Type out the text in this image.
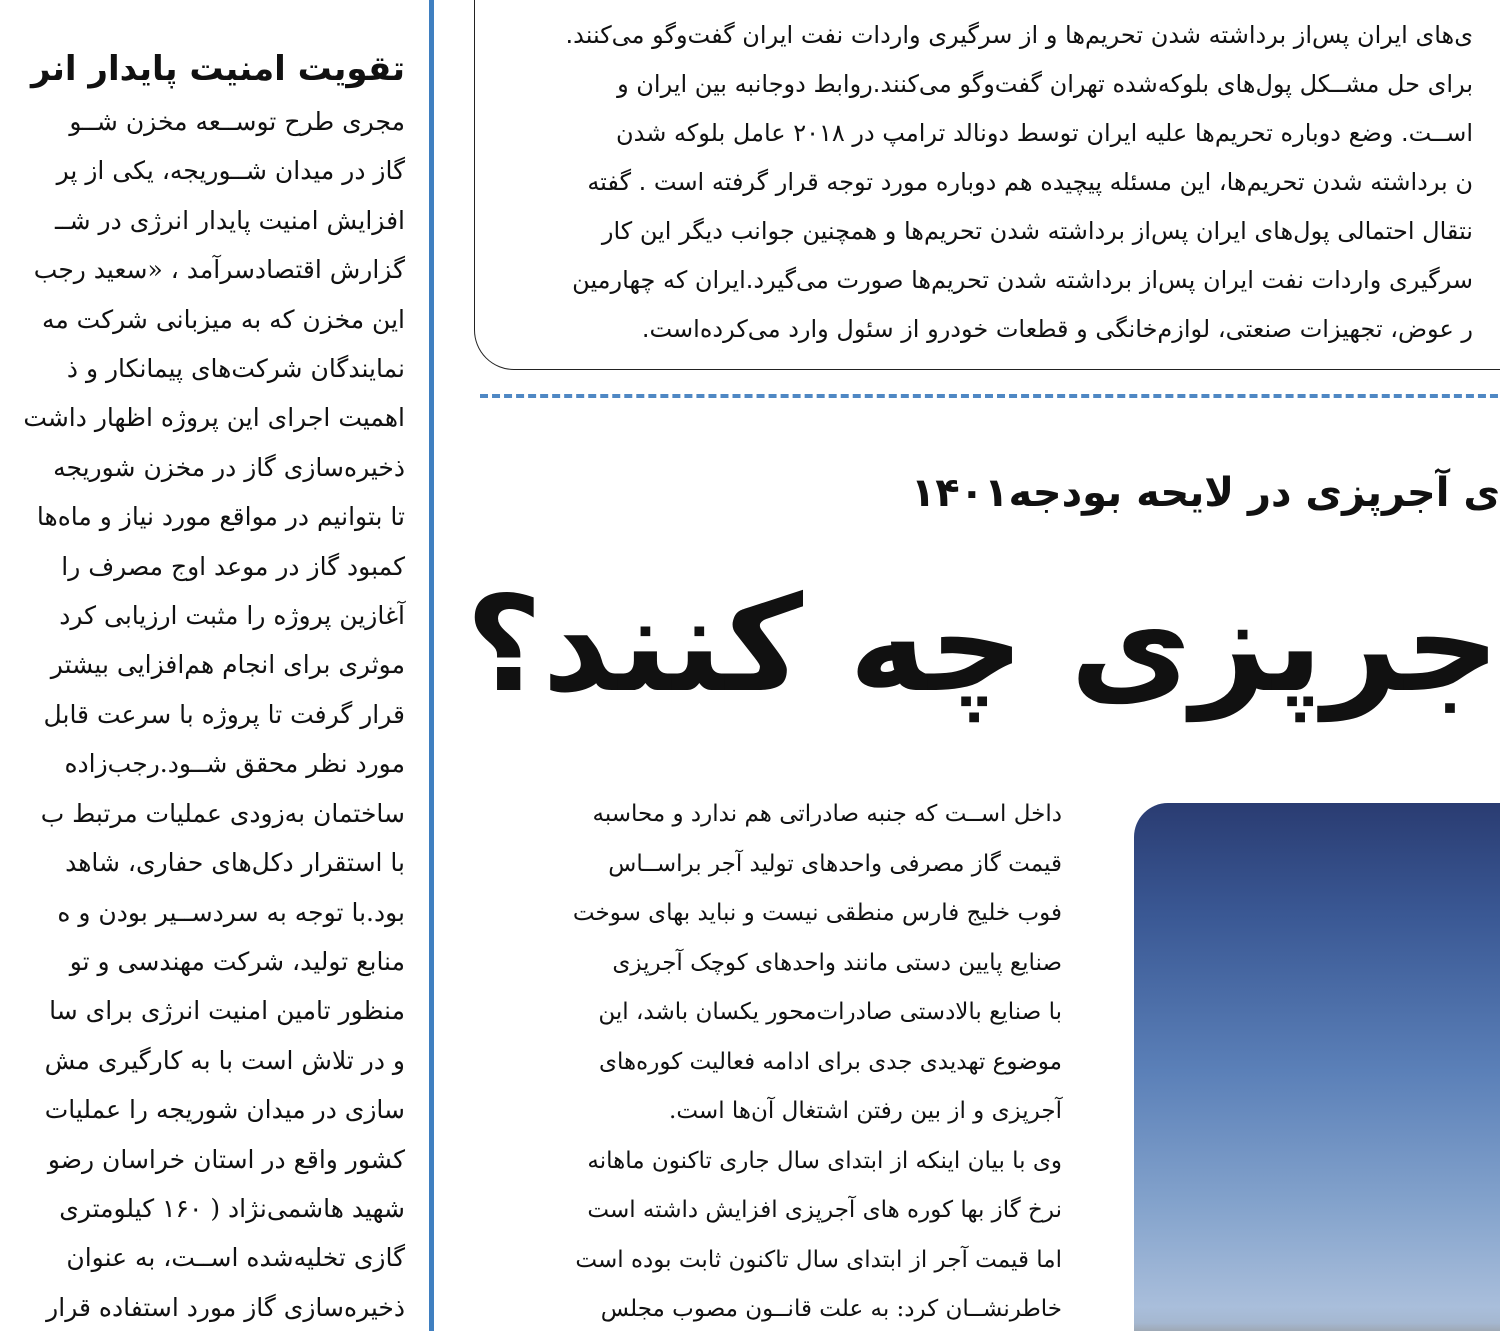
تقویت امنیت پایدار انر
مجری طرح توســعه مخزن شــو
گاز در میدان شــوریجه، یکی از پر
افزایش امنیت پایدار انرژی در شــ
گزارش اقتصادسرآمد ، «سعید رجب
این مخزن که به میزبانی شرکت مه
نمایندگان شرکت‌های پیمانکار و ذ
اهمیت اجرای این پروژه اظهار داشت
ذخیره‌سازی گاز در مخزن شوریجه
تا بتوانیم در مواقع مورد نیاز و ماه‌ها
کمبود گاز در موعد اوج مصرف را
آغازین پروژه را مثبت ارزیابی کرد
موثری برای انجام هم‌افزایی بیشتر
قرار گرفت تا پروژه با سرعت قابل
مورد نظر محقق شــود.رجب‌زاده
ساختمان به‌زودی عملیات مرتبط ب
با استقرار دکل‌های حفاری، شاهد
بود.با توجه به سردســیر بودن و ه
منابع تولید، شرکت مهندسی و تو
منظور تامین امنیت انرژی برای سا
و در تلاش است با به کارگیری مش
سازی در میدان شوریجه را عملیات
کشور واقع در استان خراسان رضو
شهید هاشمی‌نژاد ( ۱۶۰ کیلومتری
گازی تخلیه‌شده اســت، به عنوان
ذخیره‌سازی گاز مورد استفاده قرار
ی‌های ایران پس‌از برداشته شدن تحریم‌ها و از سرگیری واردات نفت ایران گفت‌وگو می‌کنند.
برای حل مشــکل پول‌های بلوکه‌شده تهران گفت‌وگو می‌کنند.روابط دوجانبه بین ایران و
اســت. وضع دوباره تحریم‌ها علیه ایران توسط دونالد ترامپ در ۲۰۱۸ عامل بلوکه شدن
ن برداشته شدن تحریم‌ها، این مسئله پیچیده هم دوباره مورد توجه قرار گرفته است . گفته
نتقال احتمالی پول‌های ایران پس‌از برداشته شدن تحریم‌ها و همچنین جوانب دیگر این کار
سرگیری واردات نفت ایران پس‌از برداشته شدن تحریم‌ها صورت می‌گیرد.ایران که چهارمین
ر عوض، تجهیزات صنعتی، لوازم‌خانگی و قطعات خودرو از سئول وارد می‌کرده‌است.
ی آجرپزی در لایحه بودجه۱۴۰۱
جرپزی چه کنند؟
داخل اســت که جنبه صادراتی هم ندارد و محاسبه
قیمت گاز مصرفی واحدهای تولید آجر براســاس
فوب خلیج فارس منطقی نیست و نباید بهای سوخت
صنایع پایین دستی مانند واحدهای کوچک آجرپزی
با صنایع بالادستی صادرات‌محور یکسان باشد، این
موضوع تهدیدی جدی برای ادامه فعالیت کوره‌های
آجرپزی و از بین رفتن اشتغال آن‌ها است.
وی با بیان اینکه از ابتدای سال جاری تاکنون ماهانه
نرخ گاز بها کوره های آجرپزی افزایش داشته است
اما قیمت آجر از ابتدای سال تاکنون ثابت بوده است
خاطرنشــان کرد: به علت قانــون مصوب مجلس
